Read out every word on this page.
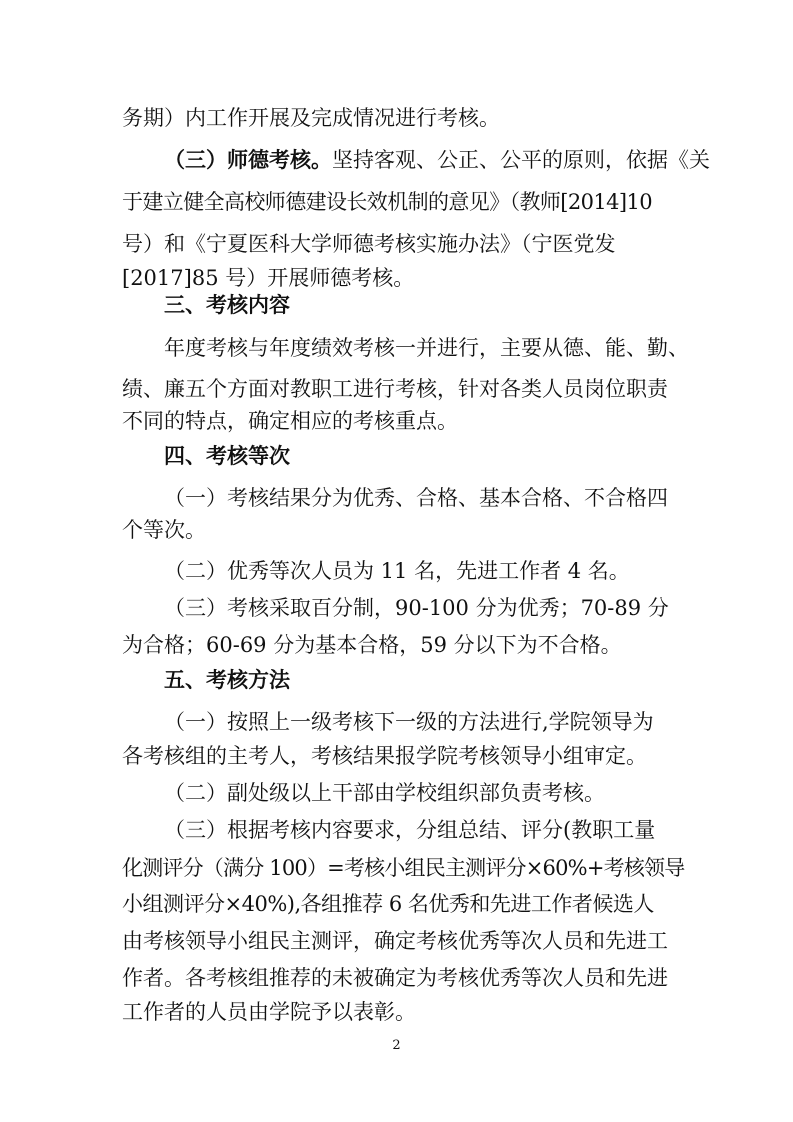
务期）内工作开展及完成情况进行考核。
（三）师德考核。坚持客观、公正、公平的原则，依据《关
于建立健全高校师德建设长效机制的意见》（教师[2014]10
号）和《宁夏医科大学师德考核实施办法》（宁医党发
[2017]85 号）开展师德考核。
三、考核内容
年度考核与年度绩效考核一并进行，主要从德、能、勤、
绩、廉五个方面对教职工进行考核，针对各类人员岗位职责
不同的特点，确定相应的考核重点。
四、考核等次
（一）考核结果分为优秀、合格、基本合格、不合格四
个等次。
（二）优秀等次人员为 11 名，先进工作者 4 名。
（三）考核采取百分制，90-100 分为优秀；70-89 分
为合格；60-69 分为基本合格，59 分以下为不合格。
五、考核方法
（一）按照上一级考核下一级的方法进行,学院领导为
各考核组的主考人，考核结果报学院考核领导小组审定。
（二）副处级以上干部由学校组织部负责考核。
（三）根据考核内容要求，分组总结、评分(教职工量
化测评分（满分 100）=考核小组民主测评分×60%+考核领导
小组测评分×40%),各组推荐 6 名优秀和先进工作者候选人
由考核领导小组民主测评，确定考核优秀等次人员和先进工
作者。各考核组推荐的未被确定为考核优秀等次人员和先进
工作者的人员由学院予以表彰。
2
